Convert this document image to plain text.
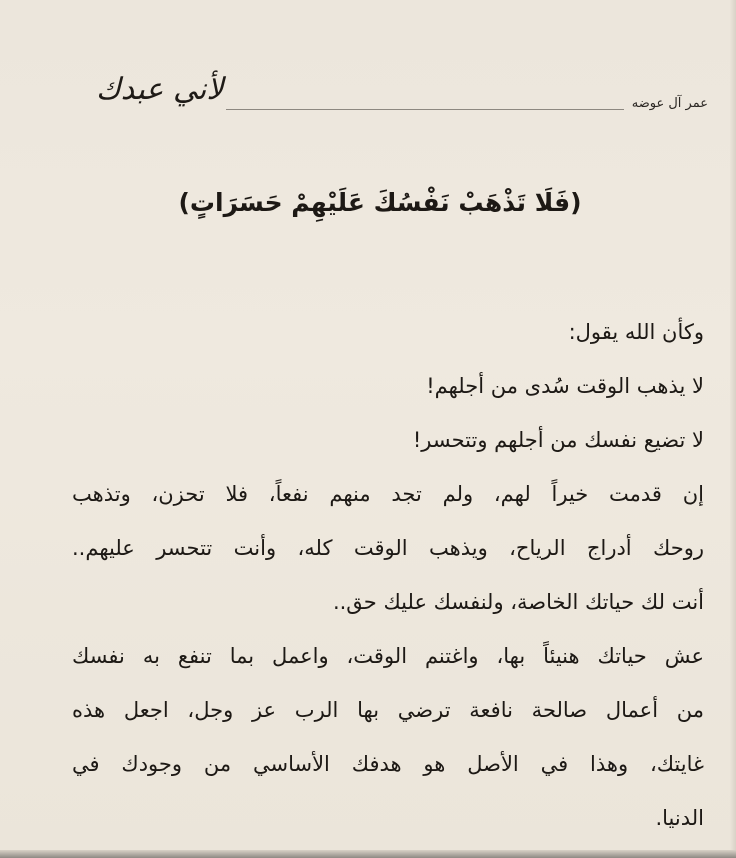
عمر آل عوضه
لأني عبدك
(فَلَا تَذْهَبْ نَفْسُكَ عَلَيْهِمْ حَسَرَاتٍ)
وكأن الله يقول:
لا يذهب الوقت سُدى من أجلهم!
لا تضيع نفسك من أجلهم وتتحسر!
إن قدمت خيراً لهم، ولم تجد منهم نفعاً، فلا تحزن، وتذهب
روحك أدراج الرياح، ويذهب الوقت كله، وأنت تتحسر عليهم..
أنت لك حياتك الخاصة، ولنفسك عليك حق..
عش حياتك هنيئاً بها، واغتنم الوقت، واعمل بما تنفع به نفسك
من أعمال صالحة نافعة ترضي بها الرب عز وجل، اجعل هذه
غايتك، وهذا في الأصل هو هدفك الأساسي من وجودك في
الدنيا.
